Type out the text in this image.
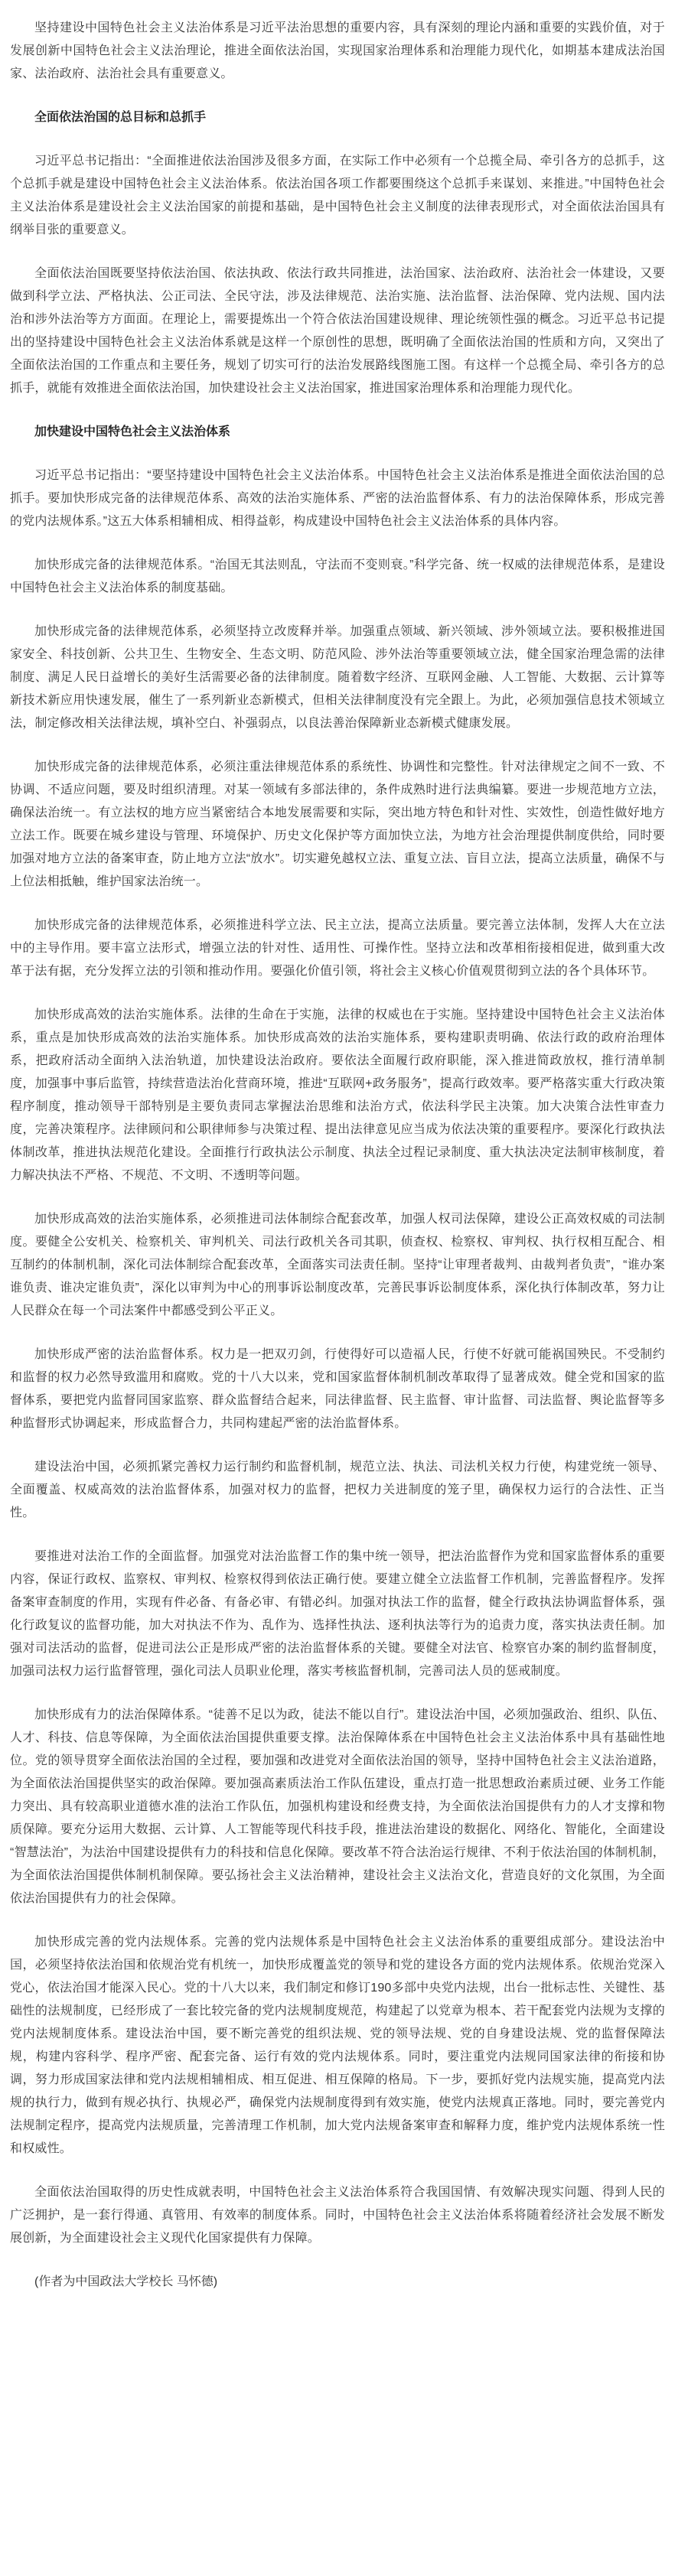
坚持建设中国特色社会主义法治体系是习近平法治思想的重要内容，具有深刻的理论内涵和重要的实践价值，对于发展创新中国特色社会主义法治理论，推进全面依法治国，实现国家治理体系和治理能力现代化，如期基本建成法治国家、法治政府、法治社会具有重要意义。

全面依法治国的总目标和总抓手

习近平总书记指出：“全面推进依法治国涉及很多方面，在实际工作中必须有一个总揽全局、牵引各方的总抓手，这个总抓手就是建设中国特色社会主义法治体系。依法治国各项工作都要围绕这个总抓手来谋划、来推进。”中国特色社会主义法治体系是建设社会主义法治国家的前提和基础，是中国特色社会主义制度的法律表现形式，对全面依法治国具有纲举目张的重要意义。

全面依法治国既要坚持依法治国、依法执政、依法行政共同推进，法治国家、法治政府、法治社会一体建设，又要做到科学立法、严格执法、公正司法、全民守法，涉及法律规范、法治实施、法治监督、法治保障、党内法规、国内法治和涉外法治等方方面面。在理论上，需要提炼出一个符合依法治国建设规律、理论统领性强的概念。习近平总书记提出的坚持建设中国特色社会主义法治体系就是这样一个原创性的思想，既明确了全面依法治国的性质和方向，又突出了全面依法治国的工作重点和主要任务，规划了切实可行的法治发展路线图施工图。有这样一个总揽全局、牵引各方的总抓手，就能有效推进全面依法治国，加快建设社会主义法治国家，推进国家治理体系和治理能力现代化。

加快建设中国特色社会主义法治体系

习近平总书记指出：“要坚持建设中国特色社会主义法治体系。中国特色社会主义法治体系是推进全面依法治国的总抓手。要加快形成完备的法律规范体系、高效的法治实施体系、严密的法治监督体系、有力的法治保障体系，形成完善的党内法规体系。”这五大体系相辅相成、相得益彰，构成建设中国特色社会主义法治体系的具体内容。

加快形成完备的法律规范体系。“治国无其法则乱，守法而不变则衰。”科学完备、统一权威的法律规范体系，是建设中国特色社会主义法治体系的制度基础。

加快形成完备的法律规范体系，必须坚持立改废释并举。加强重点领域、新兴领域、涉外领域立法。要积极推进国家安全、科技创新、公共卫生、生物安全、生态文明、防范风险、涉外法治等重要领域立法，健全国家治理急需的法律制度、满足人民日益增长的美好生活需要必备的法律制度。随着数字经济、互联网金融、人工智能、大数据、云计算等新技术新应用快速发展，催生了一系列新业态新模式，但相关法律制度没有完全跟上。为此，必须加强信息技术领域立法，制定修改相关法律法规，填补空白、补强弱点，以良法善治保障新业态新模式健康发展。

加快形成完备的法律规范体系，必须注重法律规范体系的系统性、协调性和完整性。针对法律规定之间不一致、不协调、不适应问题，要及时组织清理。对某一领域有多部法律的，条件成熟时进行法典编纂。要进一步规范地方立法，确保法治统一。有立法权的地方应当紧密结合本地发展需要和实际，突出地方特色和针对性、实效性，创造性做好地方立法工作。既要在城乡建设与管理、环境保护、历史文化保护等方面加快立法，为地方社会治理提供制度供给，同时要加强对地方立法的备案审查，防止地方立法“放水”。切实避免越权立法、重复立法、盲目立法，提高立法质量，确保不与上位法相抵触，维护国家法治统一。

加快形成完备的法律规范体系，必须推进科学立法、民主立法，提高立法质量。要完善立法体制，发挥人大在立法中的主导作用。要丰富立法形式，增强立法的针对性、适用性、可操作性。坚持立法和改革相衔接相促进，做到重大改革于法有据，充分发挥立法的引领和推动作用。要强化价值引领，将社会主义核心价值观贯彻到立法的各个具体环节。

加快形成高效的法治实施体系。法律的生命在于实施，法律的权威也在于实施。坚持建设中国特色社会主义法治体系，重点是加快形成高效的法治实施体系。加快形成高效的法治实施体系，要构建职责明确、依法行政的政府治理体系，把政府活动全面纳入法治轨道，加快建设法治政府。要依法全面履行政府职能，深入推进简政放权，推行清单制度，加强事中事后监管，持续营造法治化营商环境，推进“互联网+政务服务”，提高行政效率。要严格落实重大行政决策程序制度，推动领导干部特别是主要负责同志掌握法治思维和法治方式，依法科学民主决策。加大决策合法性审查力度，完善决策程序。法律顾问和公职律师参与决策过程、提出法律意见应当成为依法决策的重要程序。要深化行政执法体制改革，推进执法规范化建设。全面推行行政执法公示制度、执法全过程记录制度、重大执法决定法制审核制度，着力解决执法不严格、不规范、不文明、不透明等问题。

加快形成高效的法治实施体系，必须推进司法体制综合配套改革，加强人权司法保障，建设公正高效权威的司法制度。要健全公安机关、检察机关、审判机关、司法行政机关各司其职，侦查权、检察权、审判权、执行权相互配合、相互制约的体制机制，深化司法体制综合配套改革，全面落实司法责任制。坚持“让审理者裁判、由裁判者负责”，“谁办案谁负责、谁决定谁负责”，深化以审判为中心的刑事诉讼制度改革，完善民事诉讼制度体系，深化执行体制改革，努力让人民群众在每一个司法案件中都感受到公平正义。

加快形成严密的法治监督体系。权力是一把双刃剑，行使得好可以造福人民，行使不好就可能祸国殃民。不受制约和监督的权力必然导致滥用和腐败。党的十八大以来，党和国家监督体制机制改革取得了显著成效。健全党和国家的监督体系，要把党内监督同国家监察、群众监督结合起来，同法律监督、民主监督、审计监督、司法监督、舆论监督等多种监督形式协调起来，形成监督合力，共同构建起严密的法治监督体系。

建设法治中国，必须抓紧完善权力运行制约和监督机制，规范立法、执法、司法机关权力行使，构建党统一领导、全面覆盖、权威高效的法治监督体系，加强对权力的监督，把权力关进制度的笼子里，确保权力运行的合法性、正当性。

要推进对法治工作的全面监督。加强党对法治监督工作的集中统一领导，把法治监督作为党和国家监督体系的重要内容，保证行政权、监察权、审判权、检察权得到依法正确行使。要建立健全立法监督工作机制，完善监督程序。发挥备案审查制度的作用，实现有件必备、有备必审、有错必纠。加强对执法工作的监督，健全行政执法协调监督体系，强化行政复议的监督功能，加大对执法不作为、乱作为、选择性执法、逐利执法等行为的追责力度，落实执法责任制。加强对司法活动的监督，促进司法公正是形成严密的法治监督体系的关键。要健全对法官、检察官办案的制约监督制度，加强司法权力运行监督管理，强化司法人员职业伦理，落实考核监督机制，完善司法人员的惩戒制度。

加快形成有力的法治保障体系。“徒善不足以为政，徒法不能以自行”。建设法治中国，必须加强政治、组织、队伍、人才、科技、信息等保障，为全面依法治国提供重要支撑。法治保障体系在中国特色社会主义法治体系中具有基础性地位。党的领导贯穿全面依法治国的全过程，要加强和改进党对全面依法治国的领导，坚持中国特色社会主义法治道路，为全面依法治国提供坚实的政治保障。要加强高素质法治工作队伍建设，重点打造一批思想政治素质过硬、业务工作能力突出、具有较高职业道德水准的法治工作队伍，加强机构建设和经费支持，为全面依法治国提供有力的人才支撑和物质保障。要充分运用大数据、云计算、人工智能等现代科技手段，推进法治建设的数据化、网络化、智能化，全面建设“智慧法治”，为法治中国建设提供有力的科技和信息化保障。要改革不符合法治运行规律、不利于依法治国的体制机制，为全面依法治国提供体制机制保障。要弘扬社会主义法治精神，建设社会主义法治文化，营造良好的文化氛围，为全面依法治国提供有力的社会保障。

加快形成完善的党内法规体系。完善的党内法规体系是中国特色社会主义法治体系的重要组成部分。建设法治中国，必须坚持依法治国和依规治党有机统一，加快形成覆盖党的领导和党的建设各方面的党内法规体系。依规治党深入党心，依法治国才能深入民心。党的十八大以来，我们制定和修订190多部中央党内法规，出台一批标志性、关键性、基础性的法规制度，已经形成了一套比较完备的党内法规制度规范，构建起了以党章为根本、若干配套党内法规为支撑的党内法规制度体系。建设法治中国，要不断完善党的组织法规、党的领导法规、党的自身建设法规、党的监督保障法规，构建内容科学、程序严密、配套完备、运行有效的党内法规体系。同时，要注重党内法规同国家法律的衔接和协调，努力形成国家法律和党内法规相辅相成、相互促进、相互保障的格局。下一步，要抓好党内法规实施，提高党内法规的执行力，做到有规必执行、执规必严，确保党内法规制度得到有效实施，使党内法规真正落地。同时，要完善党内法规制定程序，提高党内法规质量，完善清理工作机制，加大党内法规备案审查和解释力度，维护党内法规体系统一性和权威性。

全面依法治国取得的历史性成就表明，中国特色社会主义法治体系符合我国国情、有效解决现实问题、得到人民的广泛拥护，是一套行得通、真管用、有效率的制度体系。同时，中国特色社会主义法治体系将随着经济社会发展不断发展创新，为全面建设社会主义现代化国家提供有力保障。

(作者为中国政法大学校长 马怀德)
